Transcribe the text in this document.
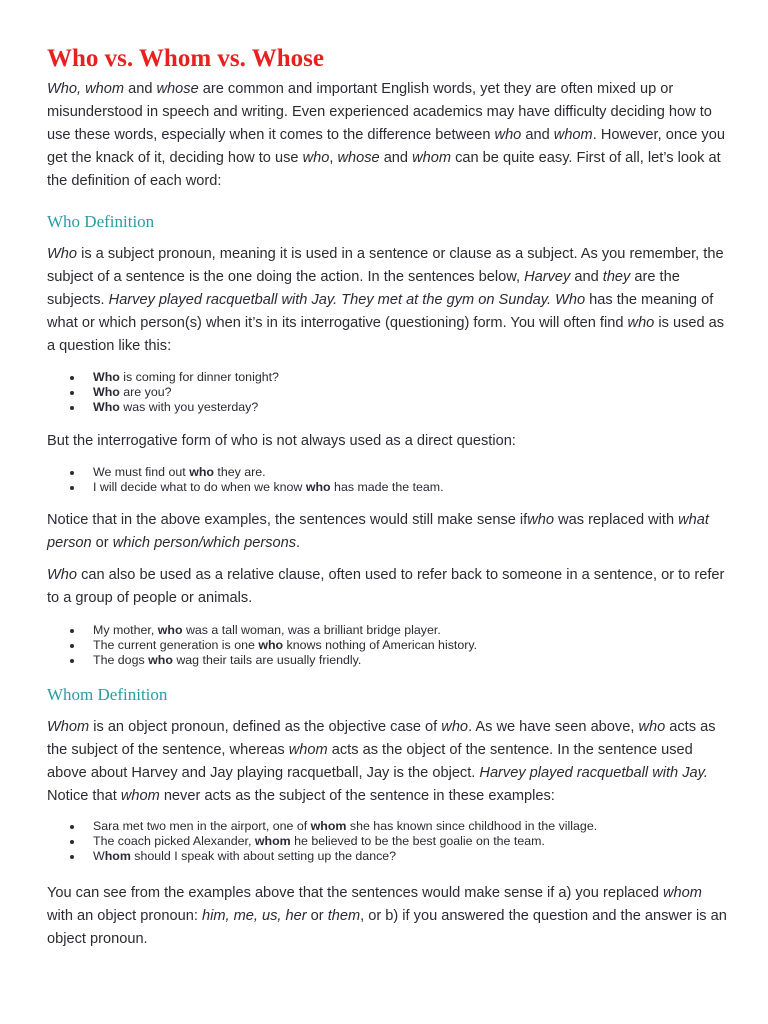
Who vs. Whom vs. Whose

Who, whom and whose are common and important English words, yet they are often mixed up or misunderstood in speech and writing. Even experienced academics may have difficulty deciding how to use these words, especially when it comes to the difference between who and whom. However, once you get the knack of it, deciding how to use who, whose and whom can be quite easy. First of all, let’s look at the definition of each word:

Who Definition

Who is a subject pronoun, meaning it is used in a sentence or clause as a subject. As you remember, the subject of a sentence is the one doing the action. In the sentences below, Harvey and they are the subjects. Harvey played racquetball with Jay. They met at the gym on Sunday. Who has the meaning of what or which person(s) when it’s in its interrogative (questioning) form. You will often find who is used as a question like this:

Who is coming for dinner tonight?
Who are you?
Who was with you yesterday?

But the interrogative form of who is not always used as a direct question:

We must find out who they are.
I will decide what to do when we know who has made the team.

Notice that in the above examples, the sentences would still make sense ifwho was replaced with what person or which person/which persons.

Who can also be used as a relative clause, often used to refer back to someone in a sentence, or to refer to a group of people or animals.

My mother, who was a tall woman, was a brilliant bridge player.
The current generation is one who knows nothing of American history.
The dogs who wag their tails are usually friendly.
Whom Definition

Whom is an object pronoun, defined as the objective case of who. As we have seen above, who acts as the subject of the sentence, whereas whom acts as the object of the sentence. In the sentence used above about Harvey and Jay playing racquetball, Jay is the object. Harvey played racquetball with Jay. Notice that whom never acts as the subject of the sentence in these examples:

Sara met two men in the airport, one of whom she has known since childhood in the village.
The coach picked Alexander, whom he believed to be the best goalie on the team.
Whom should I speak with about setting up the dance?

You can see from the examples above that the sentences would make sense if a) you replaced whom with an object pronoun: him, me, us, her or them, or b) if you answered the question and the answer is an object pronoun.
